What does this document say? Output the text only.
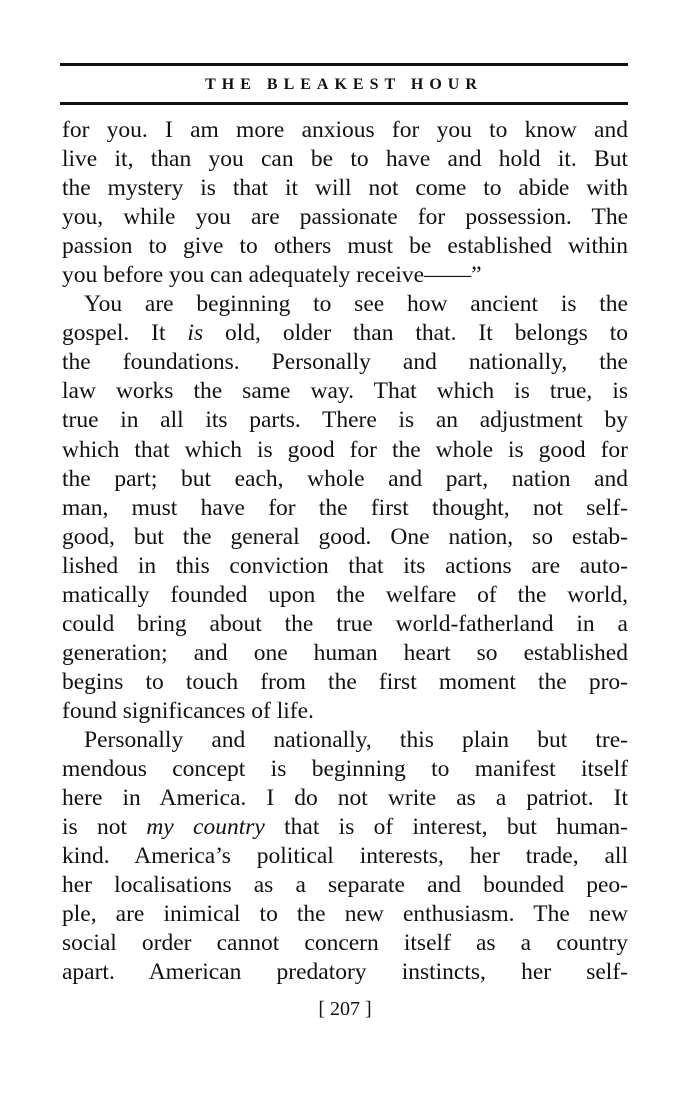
THE BLEAKEST HOUR
for you. I am more anxious for you to know and
live it, than you can be to have and hold it. But
the mystery is that it will not come to abide with
you, while you are passionate for possession. The
passion to give to others must be established within
you before you can adequately receive——”
You are beginning to see how ancient is the
gospel. It is old, older than that. It belongs to
the foundations. Personally and nationally, the
law works the same way. That which is true, is
true in all its parts. There is an adjustment by
which that which is good for the whole is good for
the part; but each, whole and part, nation and
man, must have for the first thought, not self-
good, but the general good. One nation, so estab-
lished in this conviction that its actions are auto-
matically founded upon the welfare of the world,
could bring about the true world-fatherland in a
generation; and one human heart so established
begins to touch from the first moment the pro-
found significances of life.
Personally and nationally, this plain but tre-
mendous concept is beginning to manifest itself
here in America. I do not write as a patriot. It
is not my country that is of interest, but human-
kind. America’s political interests, her trade, all
her localisations as a separate and bounded peo-
ple, are inimical to the new enthusiasm. The new
social order cannot concern itself as a country
apart. American predatory instincts, her self-
[ 207 ]
